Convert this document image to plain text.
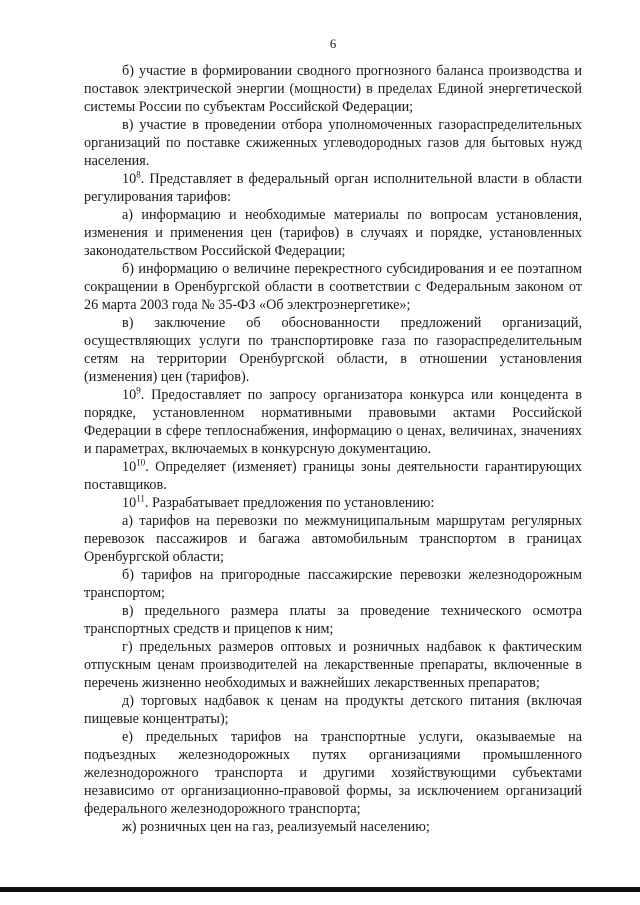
6

б) участие в формировании сводного прогнозного баланса производства и поставок электрической энергии (мощности) в пределах Единой энергетической системы России по субъектам Российской Федерации;

в) участие в проведении отбора уполномоченных газораспределительных организаций по поставке сжиженных углеводородных газов для бытовых нужд населения.

$10^8$. Представляет в федеральный орган исполнительной власти в области регулирования тарифов:

а) информацию и необходимые материалы по вопросам установления, изменения и применения цен (тарифов) в случаях и порядке, установленных законодательством Российской Федерации;

б) информацию о величине перекрестного субсидирования и ее поэтапном сокращении в Оренбургской области в соответствии с Федеральным законом от 26 марта 2003 года № 35-ФЗ «Об электроэнергетике»;

в) заключение об обоснованности предложений организаций, осуществляющих услуги по транспортировке газа по газораспределительным сетям на территории Оренбургской области, в отношении установления (изменения) цен (тарифов).

$10^9$. Предоставляет по запросу организатора конкурса или концедента в порядке, установленном нормативными правовыми актами Российской Федерации в сфере теплоснабжения, информацию о ценах, величинах, значениях и параметрах, включаемых в конкурсную документацию.

$10^{10}$. Определяет (изменяет) границы зоны деятельности гарантирующих поставщиков.

$10^{11}$. Разрабатывает предложения по установлению:

а) тарифов на перевозки по межмуниципальным маршрутам регулярных перевозок пассажиров и багажа автомобильным транспортом в границах Оренбургской области;

б) тарифов на пригородные пассажирские перевозки железнодорожным транспортом;

в) предельного размера платы за проведение технического осмотра транспортных средств и прицепов к ним;

г) предельных размеров оптовых и розничных надбавок к фактическим отпускным ценам производителей на лекарственные препараты, включенные в перечень жизненно необходимых и важнейших лекарственных препаратов;

д) торговых надбавок к ценам на продукты детского питания (включая пищевые концентраты);

е) предельных тарифов на транспортные услуги, оказываемые на подъездных железнодорожных путях организациями промышленного железнодорожного транспорта и другими хозяйствующими субъектами независимо от организационно-правовой формы, за исключением организаций федерального железнодорожного транспорта;

ж) розничных цен на газ, реализуемый населению;
